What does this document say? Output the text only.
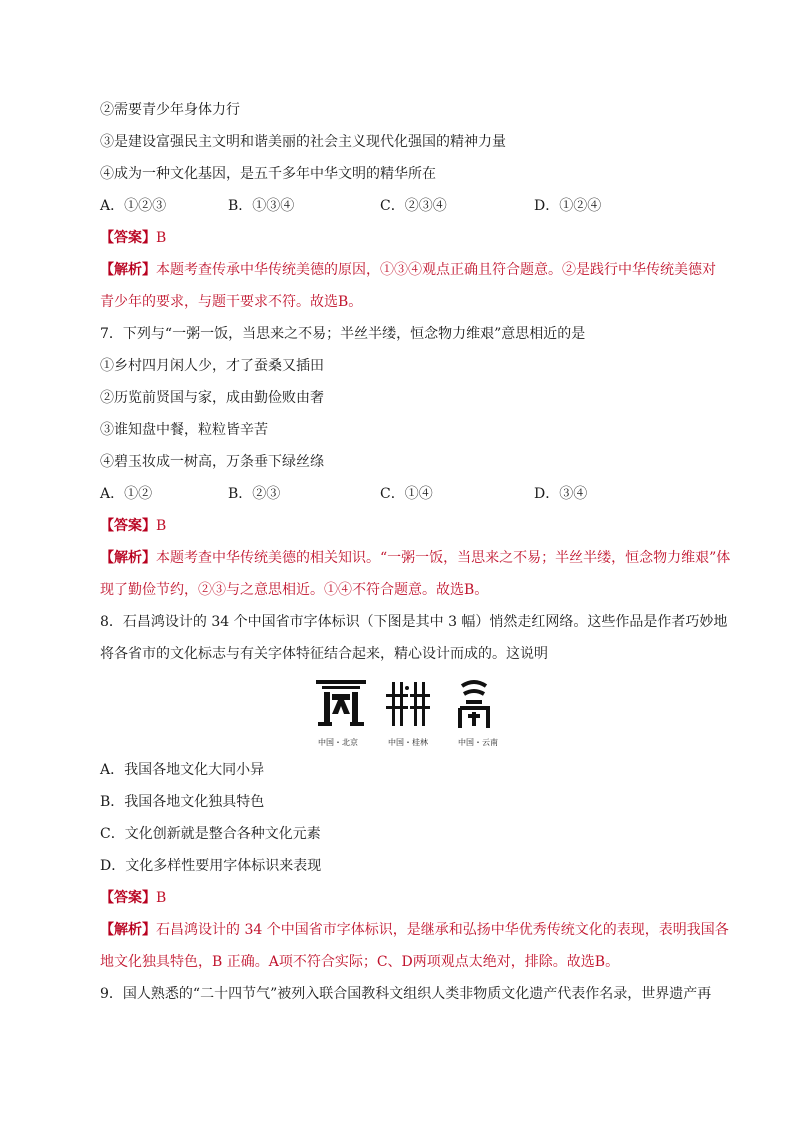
②需要青少年身体力行
③是建设富强民主文明和谐美丽的社会主义现代化强国的精神力量
④成为一种文化基因，是五千多年中华文明的精华所在
A．①②③	B．①③④	C．②③④	D．①②④
【答案】B
【解析】本题考查传承中华传统美德的原因，①③④观点正确且符合题意。②是践行中华传统美德对
青少年的要求，与题干要求不符。故选B。
7．下列与“一粥一饭，当思来之不易；半丝半缕，恒念物力维艰”意思相近的是
①乡村四月闲人少，才了蚕桑又插田
②历览前贤国与家，成由勤俭败由奢
③谁知盘中餐，粒粒皆辛苦
④碧玉妆成一树高，万条垂下绿丝绦
A．①②	B．②③	C．①④	D．③④
【答案】B
【解析】本题考查中华传统美德的相关知识。“一粥一饭，当思来之不易；半丝半缕，恒念物力维艰”体
现了勤俭节约，②③与之意思相近。①④不符合题意。故选B。
8．石昌鸿设计的 34 个中国省市字体标识（下图是其中 3 幅）悄然走红网络。这些作品是作者巧妙地
将各省市的文化标志与有关字体特征结合起来，精心设计而成的。这说明
中国・北京	中国・桂林	中国・云南
A．我国各地文化大同小异
B．我国各地文化独具特色
C．文化创新就是整合各种文化元素
D．文化多样性要用字体标识来表现
【答案】B
【解析】石昌鸿设计的 34 个中国省市字体标识，是继承和弘扬中华优秀传统文化的表现，表明我国各
地文化独具特色，B 正确。A项不符合实际；C、D两项观点太绝对，排除。故选B。
9．国人熟悉的“二十四节气”被列入联合国教科文组织人类非物质文化遗产代表作名录，世界遗产再
